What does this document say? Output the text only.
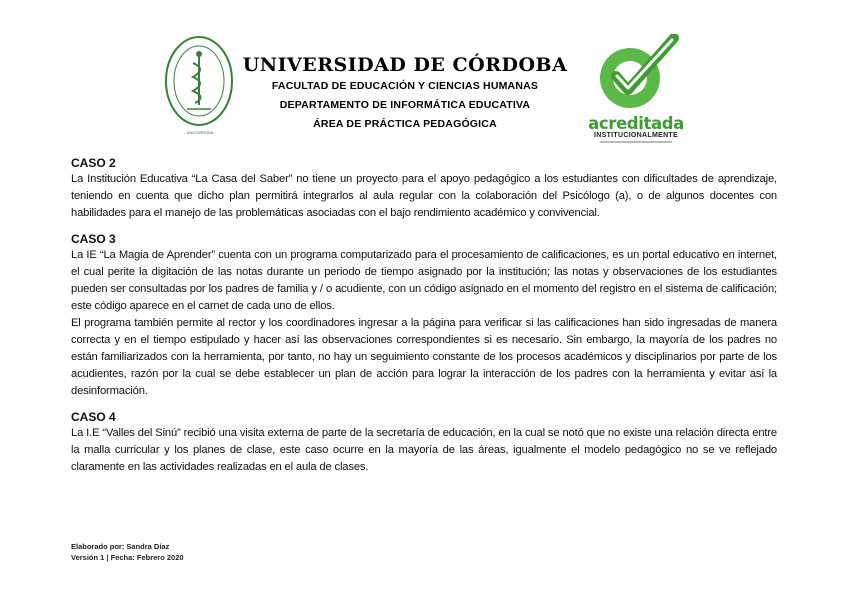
UNICORDOBA
UNIVERSIDAD DE CÓRDOBA
FACULTAD DE EDUCACIÓN Y CIENCIAS HUMANAS
DEPARTAMENTO DE INFORMÁTICA EDUCATIVA
ÁREA DE PRÁCTICA PEDAGÓGICA	acreditada
INSTITUCIONALMENTE
CASO 2

La Institución Educativa “La Casa del Saber” no tiene un proyecto para el apoyo pedagógico a los estudiantes con dificultades de aprendizaje, teniendo en cuenta que dicho plan permitirá integrarlos al aula regular con la colaboración del Psicólogo (a), o de algunos docentes con habilidades para el manejo de las problemáticas asociadas con el bajo rendimiento académico y convivencial.

CASO 3

La IE “La Magia de Aprender” cuenta con un programa computarizado para el procesamiento de calificaciones, es un portal educativo en internet, el cual perite la digitación de las notas durante un periodo de tiempo asignado por la institución; las notas y observaciones de los estudiantes pueden ser consultadas por los padres de familia y / o acudiente, con un código asignado en el momento del registro en el sistema de calificación; este código aparece en el carnet de cada uno de ellos.

El programa también permite al rector y los coordinadores ingresar a la página para verificar si las calificaciones han sido ingresadas de manera correcta y en el tiempo estipulado y hacer así las observaciones correspondientes si es necesario. Sin embargo, la mayoría de los padres no están familiarizados con la herramienta, por tanto, no hay un seguimiento constante de los procesos académicos y disciplinarios por parte de los acudientes, razón por la cual se debe establecer un plan de acción para lograr la interacción de los padres con la herramienta y evitar así la desinformación.

CASO 4

La I.E “Valles del Sinú” recibió una visita externa de parte de la secretaría de educación, en la cual se notó que no existe una relación directa entre la malla curricular y los planes de clase, este caso ocurre en la mayoría de las áreas, igualmente el modelo pedagógico no se ve reflejado claramente en las actividades realizadas en el aula de clases.

Elaborado por: Sandra Díaz
Versión 1 | Fecha: Febrero 2020
